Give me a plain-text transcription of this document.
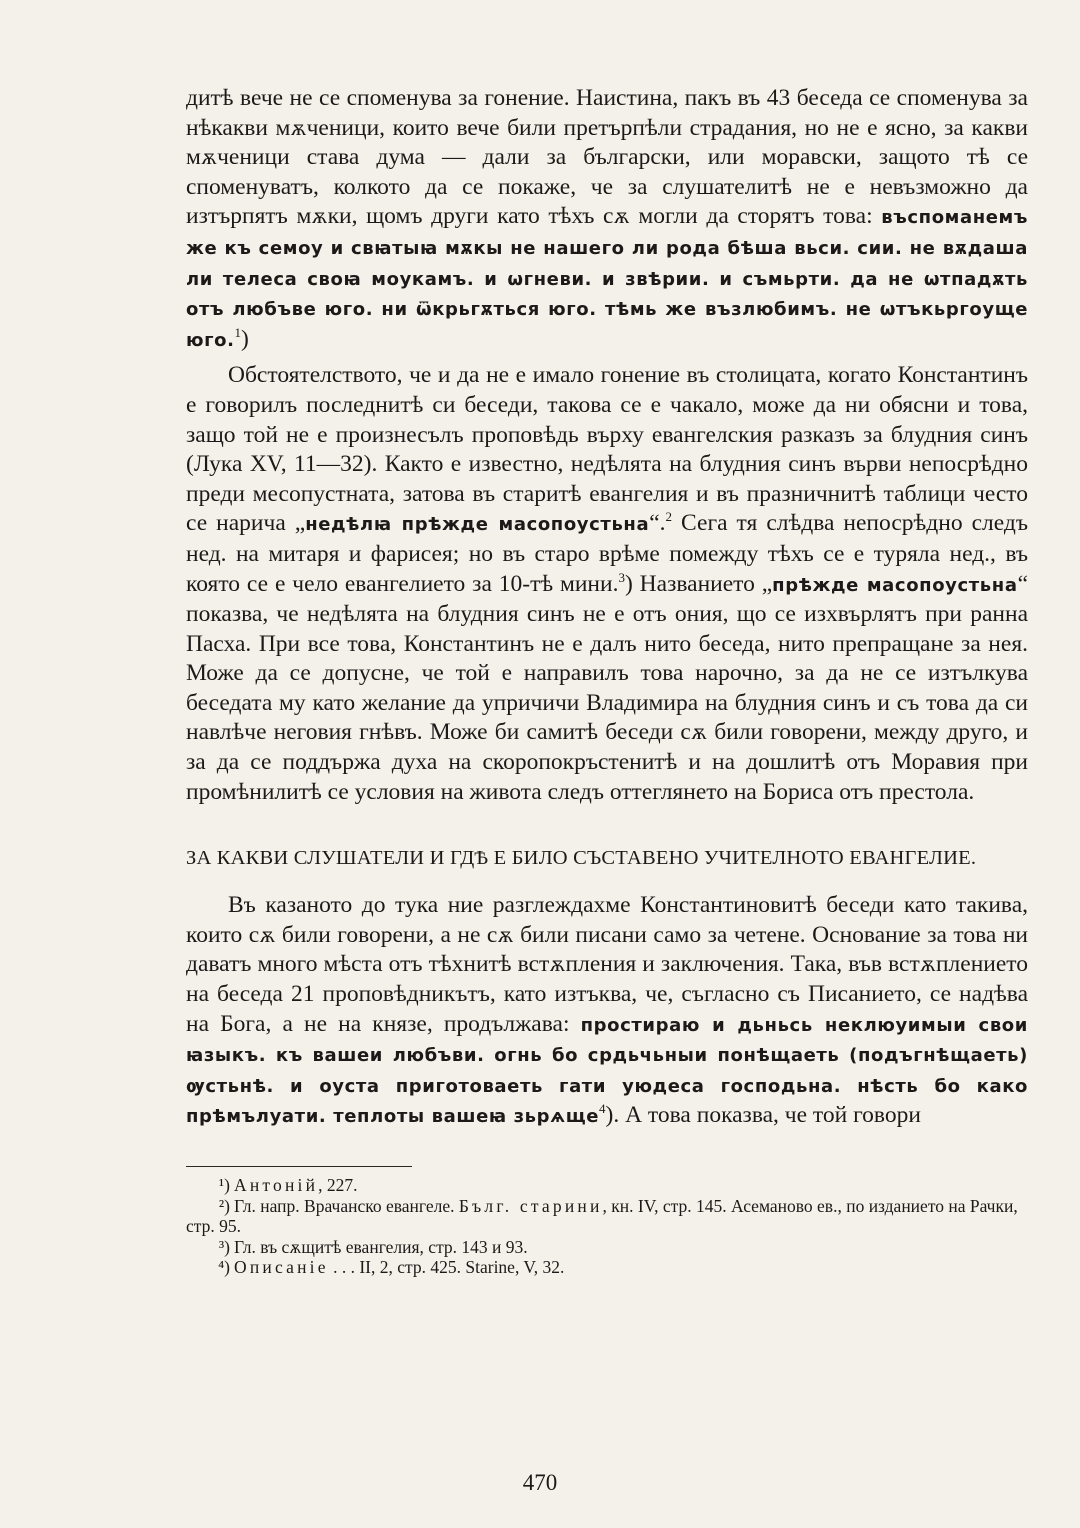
дитѣ вече не се споменува за гонение. Наистина, пакъ въ 43 беседа се споменува за нѣкакви мѫченици, които вече били претърпѣли страдания, но не е ясно, за какви мѫченици става дума — дали за български, или моравски, защото тѣ се споменуватъ, колкото да се покаже, че за слушателитѣ не е невъзможно да изтърпятъ мѫки, щомъ други като тѣхъ сѫ могли да сторятъ това: въспоманемъ же къ семоу и свꙗтыꙗ мѫкы не нашего ли рода бѣша вьси. сии. не вѫдаша ли телеса своꙗ моукамъ. и ѡгневи. и звѣрии. и съмьрти. да не ѡтпадѫть отъ любъве юго. ни ѿкрьгѫться юго. тѣмь же възлюбимъ. не ѡтъкьргоуще юго.$^1$)

Обстоятелството, че и да не е имало гонение въ столицата, когато Константинъ е говорилъ последнитѣ си беседи, такова се е чакало, може да ни обясни и това, защо той не е произнесълъ проповѣдь върху евангелския разказъ за блудния синъ (Лука XV, 11—32). Както е известно, недѣлята на блудния синъ върви непосрѣдно преди месопустната, затова въ старитѣ евангелия и въ празничнитѣ таблици често се нарича „недѣлꙗ прѣжде масопоустьна“.$^2$ Сега тя слѣдва непосрѣдно следъ нед. на митаря и фарисея; но въ старо врѣме помежду тѣхъ се е туряла нед., въ която се е чело евангелието за 10-тѣ мини.$^3$) Названието „прѣжде масопоустьна“ показва, че недѣлята на блудния синъ не е отъ ония, що се изхвърлятъ при ранна Пасха. При все това, Константинъ не е далъ нито беседа, нито препращане за нея. Може да се допусне, че той е направилъ това нарочно, за да не се изтълкува беседата му като желание да упричичи Владимира на блудния синъ и съ това да си навлѣче неговия гнѣвъ. Може би самитѣ беседи сѫ били говорени, между друго, и за да се поддържа духа на скоропокръстенитѣ и на дошлитѣ отъ Моравия при промѣнилитѣ се условия на живота следъ оттеглянето на Бориса отъ престола.

ЗА КАКВИ СЛУШАТЕЛИ И ГДѢ Е БИЛО СЪСТАВЕНО УЧИТЕЛНОТО ЕВАНГЕЛИЕ.

Въ казаното до тука ние разглеждахме Константиновитѣ беседи като такива, които сѫ били говорени, а не сѫ били писани само за четене. Основание за това ни даватъ много мѣста отъ тѣхнитѣ встѫпления и заключения. Така, във встѫплението на беседа 21 проповѣдникътъ, като изтъква, че, съгласно съ Писанието, се надѣва на Бога, а не на князе, продължава: простираю и дьньсь неклюуимыи свои ꙗзыкъ. къ вашеи любъви. огнь бо срдьчьныи понѣщаеть (подъгнѣщаеть) ѹстьнѣ. и оуста приготоваеть гати уюдеса господьна. нѣсть бо како прѣмълуати. теплоты вашеꙗ зьрѧще$^4$). А това показва, че той говори

¹) Антоній, 227.

²) Гл. напр. Врачанско евангеле. Бълг. старини, кн. IV, стр. 145. Асеманово ев., по изданието на Рачки, стр. 95.

³) Гл. въ сѫщитѣ евангелия, стр. 143 и 93.

⁴) Описаніе . . . II, 2, стр. 425. Starine, V, 32.

470
